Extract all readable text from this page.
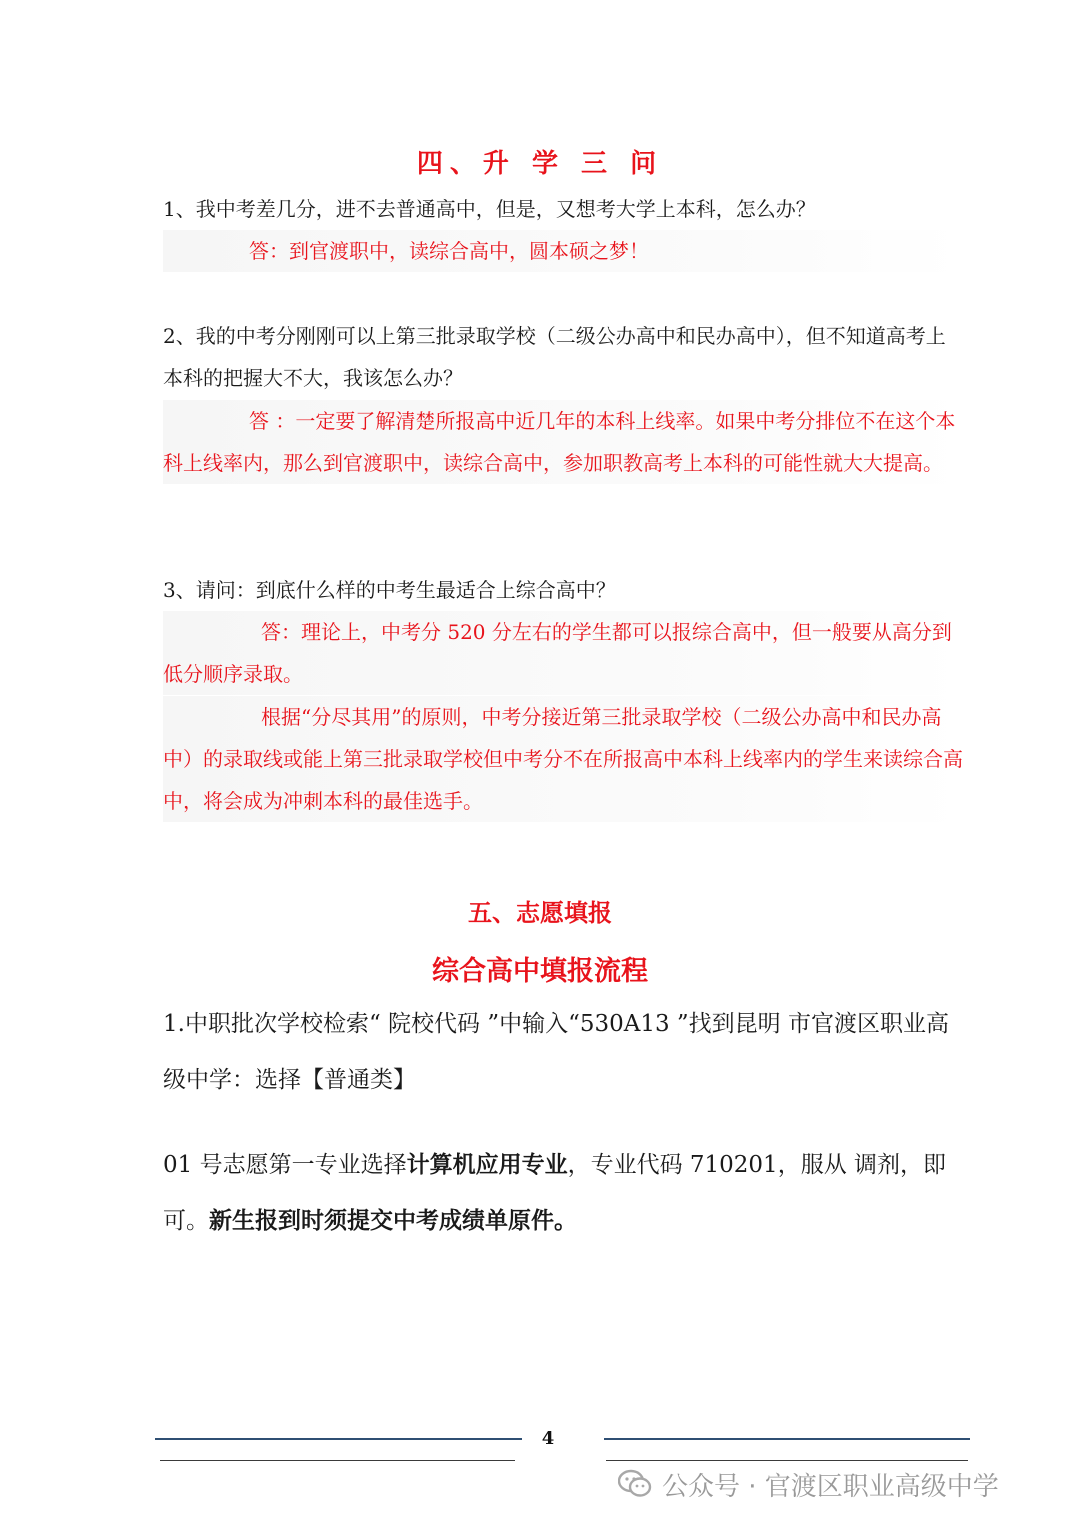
四、升 学 三 问
1、我中考差几分，进不去普通高中，但是，又想考大学上本科，怎么办？
答：到官渡职中，读综合高中，圆本硕之梦！
2、我的中考分刚刚可以上第三批录取学校（二级公办高中和民办高中），但不知道高考上本科的把握大不大，我该怎么办？
答 ：一定要了解清楚所报高中近几年的本科上线率。如果中考分排位不在这个本科上线率内，那么到官渡职中，读综合高中，参加职教高考上本科的可能性就大大提高。
3、请问：到底什么样的中考生最适合上综合高中？
答：理论上，中考分 520 分左右的学生都可以报综合高中，但一般要从高分到低分顺序录取。
根据“分尽其用”的原则，中考分接近第三批录取学校（二级公办高中和民办高中）的录取线或能上第三批录取学校但中考分不在所报高中本科上线率内的学生来读综合高中，将会成为冲刺本科的最佳选手。
五、志愿填报
综合高中填报流程
1.中职批次学校检索“ 院校代码 ”中输入“530A13 ”找到昆明 市官渡区职业高级中学：选择【普通类】
01 号志愿第一专业选择计算机应用专业，专业代码 710201，服从 调剂，即可。新生报到时须提交中考成绩单原件。
4
公众号 · 官渡区职业高级中学
